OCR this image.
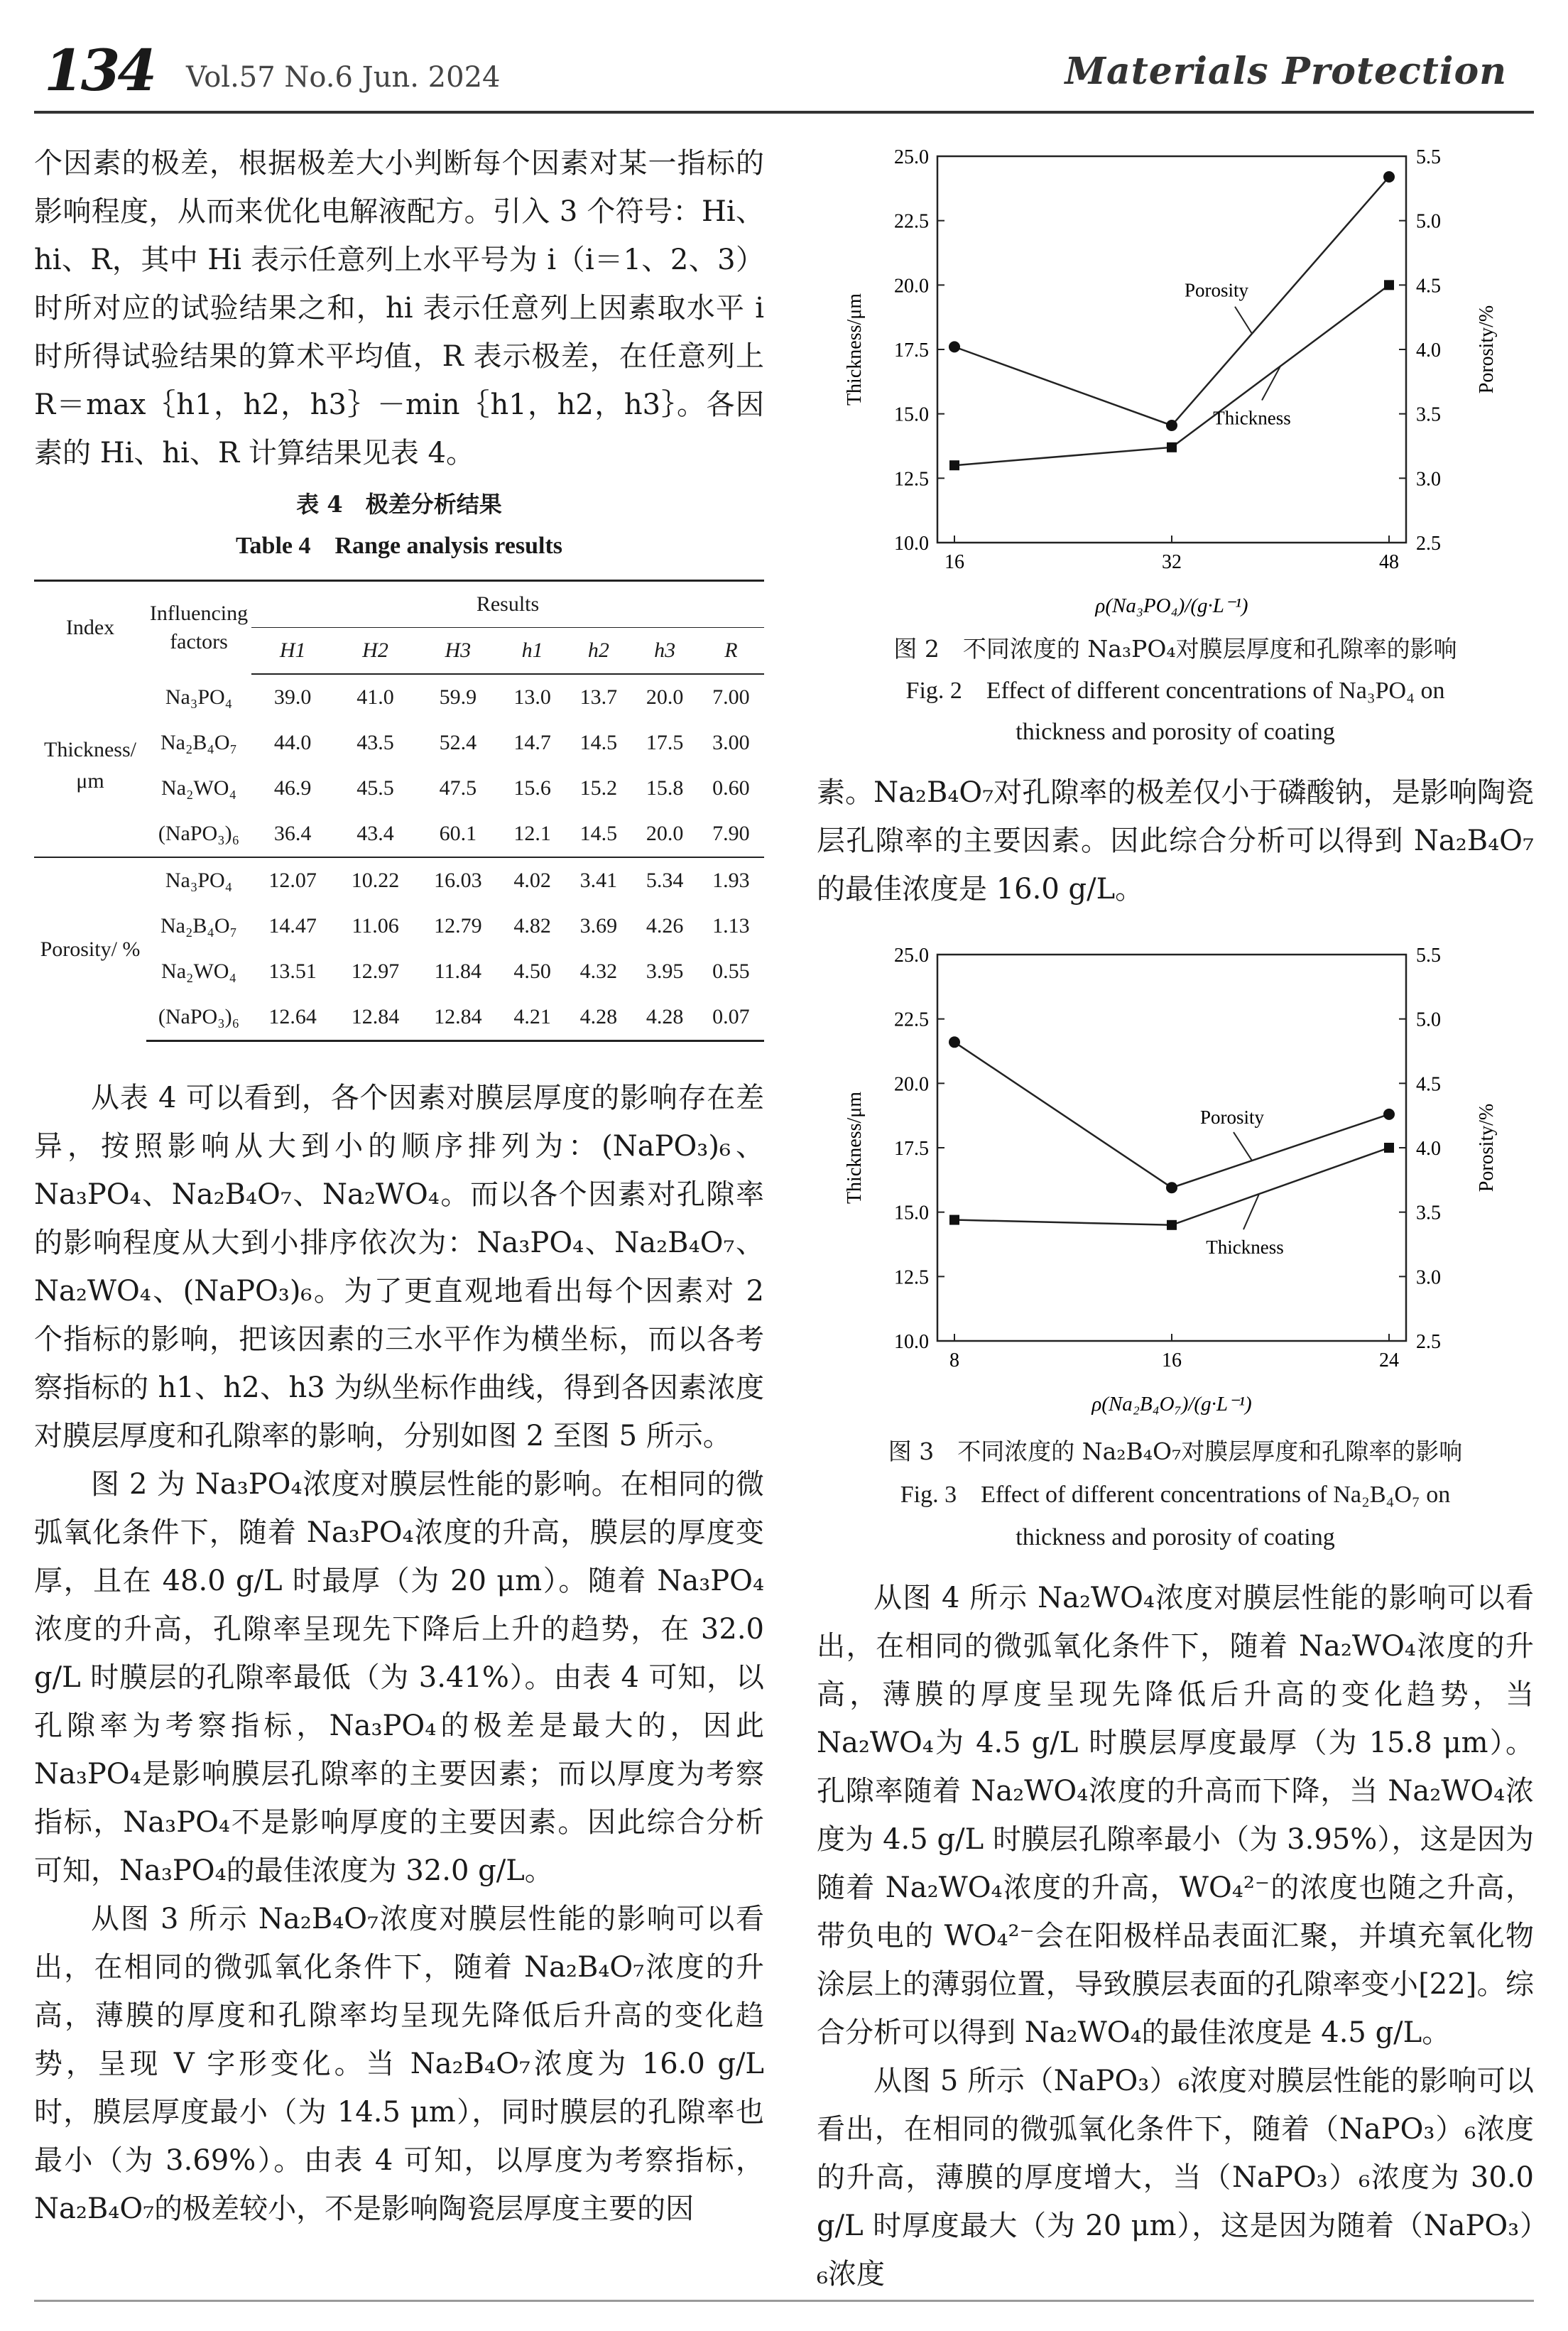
134 Vol.57 No.6 Jun. 2024	Materials Protection

个因素的极差，根据极差大小判断每个因素对某一指标的影响程度，从而来优化电解液配方。引入 3 个符号：Hi、hi、R，其中 Hi 表示任意列上水平号为 i（i＝1、2、3）时所对应的试验结果之和，hi 表示任意列上因素取水平 i 时所得试验结果的算术平均值，R 表示极差，在任意列上 R＝max｛h1，h2，h3｝－min｛h1，h2，h3｝。各因素的 Hi、hi、R 计算结果见表 4。

表 4　极差分析结果
Table 4　Range analysis results
Index	Influencing factors	Results						
		H1	H2	H3	h1	h2	h3	R
Thickness/ μm	Na₃PO₄	39.0	41.0	59.9	13.0	13.7	20.0	7.00
	Na₂B₄O₇	44.0	43.5	52.4	14.7	14.5	17.5	3.00
	Na₂WO₄	46.9	45.5	47.5	15.6	15.2	15.8	0.60
	(NaPO₃)₆	36.4	43.4	60.1	12.1	14.5	20.0	7.90
Porosity/ %	Na₃PO₄	12.07	10.22	16.03	4.02	3.41	5.34	1.93
	Na₂B₄O₇	14.47	11.06	12.79	4.82	3.69	4.26	1.13
	Na₂WO₄	13.51	12.97	11.84	4.50	4.32	3.95	0.55
	(NaPO₃)₆	12.64	12.84	12.84	4.21	4.28	4.28	0.07

从表 4 可以看到，各个因素对膜层厚度的影响存在差异，按照影响从大到小的顺序排列为：(NaPO₃)₆、Na₃PO₄、Na₂B₄O₇、Na₂WO₄。而以各个因素对孔隙率的影响程度从大到小排序依次为：Na₃PO₄、Na₂B₄O₇、Na₂WO₄、(NaPO₃)₆。为了更直观地看出每个因素对 2 个指标的影响，把该因素的三水平作为横坐标，而以各考察指标的 h1、h2、h3 为纵坐标作曲线，得到各因素浓度对膜层厚度和孔隙率的影响，分别如图 2 至图 5 所示。

图 2 为 Na₃PO₄浓度对膜层性能的影响。在相同的微弧氧化条件下，随着 Na₃PO₄浓度的升高，膜层的厚度变厚，且在 48.0 g/L 时最厚（为 20 μm）。随着 Na₃PO₄浓度的升高，孔隙率呈现先下降后上升的趋势，在 32.0 g/L 时膜层的孔隙率最低（为 3.41%）。由表 4 可知，以孔隙率为考察指标，Na₃PO₄的极差是最大的，因此 Na₃PO₄是影响膜层孔隙率的主要因素；而以厚度为考察指标，Na₃PO₄不是影响厚度的主要因素。因此综合分析可知，Na₃PO₄的最佳浓度为 32.0 g/L。

从图 3 所示 Na₂B₄O₇浓度对膜层性能的影响可以看出，在相同的微弧氧化条件下，随着 Na₂B₄O₇浓度的升高，薄膜的厚度和孔隙率均呈现先降低后升高的变化趋势，呈现 V 字形变化。当 Na₂B₄O₇浓度为 16.0 g/L 时，膜层厚度最小（为 14.5 μm），同时膜层的孔隙率也最小（为 3.69%）。由表 4 可知，以厚度为考察指标，Na₂B₄O₇的极差较小，不是影响陶瓷层厚度主要的因

10.0
12.5
15.0
17.5
20.0
22.5
25.0
2.5
3.0
3.5
4.0
4.5
5.0
5.5
16	32	48
Thickness/μm	Porosity/%
ρ(Na₃PO₄)/(g·L⁻¹)
Thickness
Porosity
图 2　不同浓度的 Na₃PO₄对膜层厚度和孔隙率的影响
Fig. 2　Effect of different concentrations of Na₃PO₄ on
thickness and porosity of coating

素。Na₂B₄O₇对孔隙率的极差仅小于磷酸钠，是影响陶瓷层孔隙率的主要因素。因此综合分析可以得到 Na₂B₄O₇的最佳浓度是 16.0 g/L。

10.0
12.5
15.0
17.5
20.0
22.5
25.0
2.5
3.0
3.5
4.0
4.5
5.0
5.5
8	16	24
Thickness/μm	Porosity/%
ρ(Na₂B₄O₇)/(g·L⁻¹)
Thickness
Porosity
图 3　不同浓度的 Na₂B₄O₇对膜层厚度和孔隙率的影响
Fig. 3　Effect of different concentrations of Na₂B₄O₇ on
thickness and porosity of coating

从图 4 所示 Na₂WO₄浓度对膜层性能的影响可以看出，在相同的微弧氧化条件下，随着 Na₂WO₄浓度的升高，薄膜的厚度呈现先降低后升高的变化趋势，当 Na₂WO₄为 4.5 g/L 时膜层厚度最厚（为 15.8 μm）。孔隙率随着 Na₂WO₄浓度的升高而下降，当 Na₂WO₄浓度为 4.5 g/L 时膜层孔隙率最小（为 3.95%），这是因为随着 Na₂WO₄浓度的升高，WO₄²⁻的浓度也随之升高，带负电的 WO₄²⁻会在阳极样品表面汇聚，并填充氧化物涂层上的薄弱位置，导致膜层表面的孔隙率变小[22]。综合分析可以得到 Na₂WO₄的最佳浓度是 4.5 g/L。

从图 5 所示（NaPO₃）₆浓度对膜层性能的影响可以看出，在相同的微弧氧化条件下，随着（NaPO₃）₆浓度的升高，薄膜的厚度增大，当（NaPO₃）₆浓度为 30.0 g/L 时厚度最大（为 20 μm），这是因为随着（NaPO₃）₆浓度
